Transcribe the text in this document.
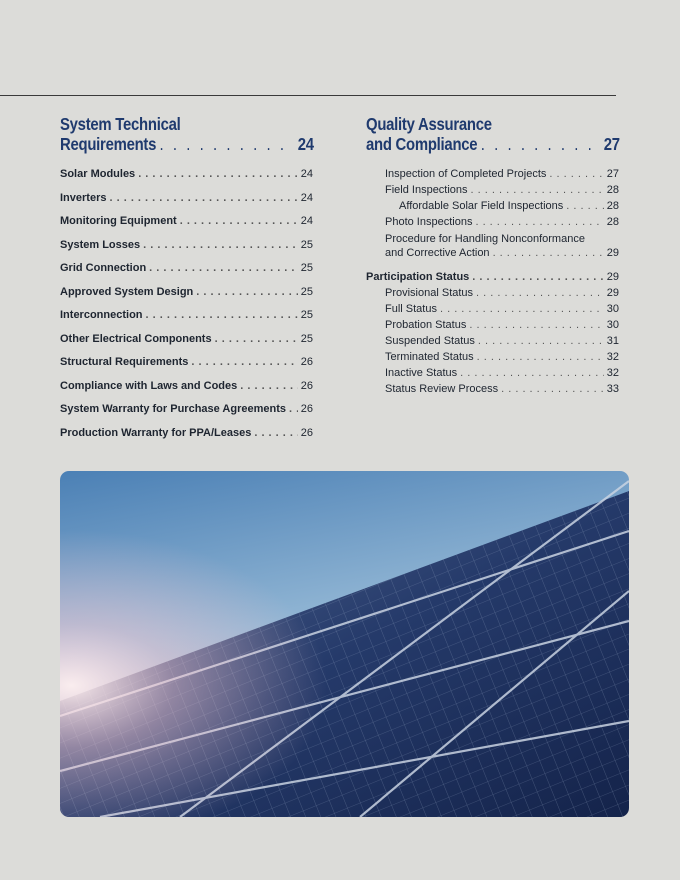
System Technical
Requirements . . .	24
Solar Modules . . .	24
Inverters . . .	24
Monitoring Equipment . . .	24
System Losses . . .	25
Grid Connection . . .	25
Approved System Design . . .	25
Interconnection . . .	25
Other Electrical Components . . .	25
Structural Requirements . . .	26
Compliance with Laws and Codes . . .	26
System Warranty for Purchase Agreements . . . 26
Production Warranty for PPA/Leases . . .	26
Quality Assurance
and Compliance . . .	27
Inspection of Completed Projects . . .	27
Field Inspections . . .	28
Affordable Solar Field Inspections . . .	28
Photo Inspections . . .	28
Procedure for Handling Nonconformance
and Corrective Action . . .	29
Participation Status . . .	29
Provisional Status . . .	29
Full Status . . .	30
Probation Status . . .	30
Suspended Status . . .	31
Terminated Status . . .	32
Inactive Status . . .	32
Status Review Process . . .	33
